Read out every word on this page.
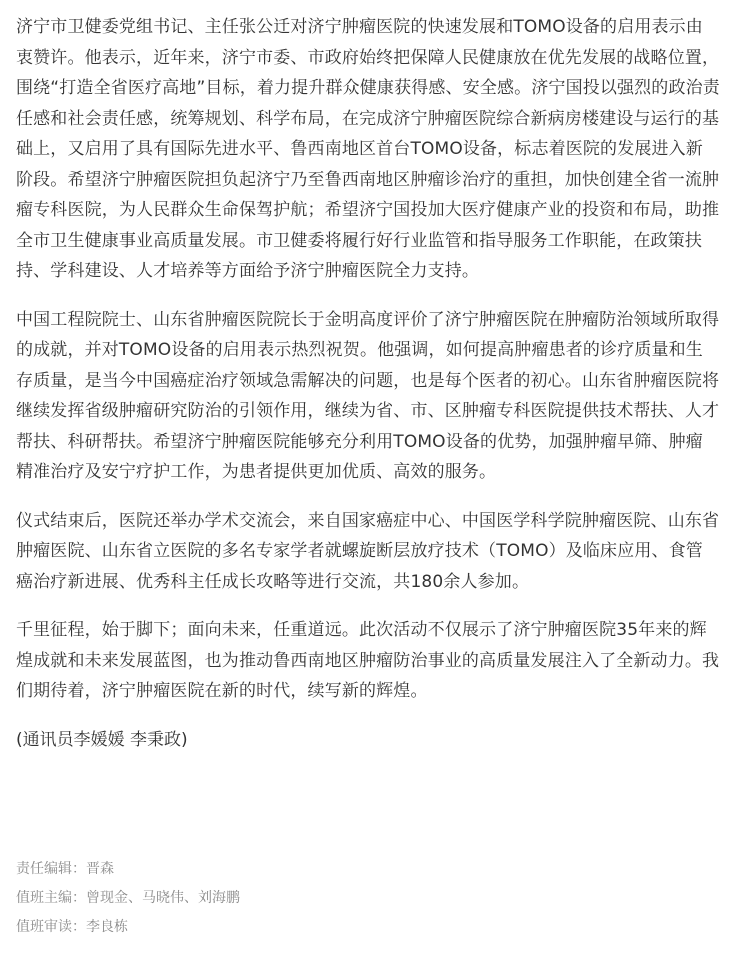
济宁市卫健委党组书记、主任张公迁对济宁肿瘤医院的快速发展和TOMO设备的启用表示由衷赞许。他表示，近年来，济宁市委、市政府始终把保障人民健康放在优先发展的战略位置，围绕“打造全省医疗高地”目标，着力提升群众健康获得感、安全感。济宁国投以强烈的政治责任感和社会责任感，统筹规划、科学布局，在完成济宁肿瘤医院综合新病房楼建设与运行的基础上，又启用了具有国际先进水平、鲁西南地区首台TOMO设备，标志着医院的发展进入新阶段。希望济宁肿瘤医院担负起济宁乃至鲁西南地区肿瘤诊治疗的重担，加快创建全省一流肿瘤专科医院，为人民群众生命保驾护航；希望济宁国投加大医疗健康产业的投资和布局，助推全市卫生健康事业高质量发展。市卫健委将履行好行业监管和指导服务工作职能，在政策扶持、学科建设、人才培养等方面给予济宁肿瘤医院全力支持。

中国工程院院士、山东省肿瘤医院院长于金明高度评价了济宁肿瘤医院在肿瘤防治领域所取得的成就，并对TOMO设备的启用表示热烈祝贺。他强调，如何提高肿瘤患者的诊疗质量和生存质量，是当今中国癌症治疗领域急需解决的问题，也是每个医者的初心。山东省肿瘤医院将继续发挥省级肿瘤研究防治的引领作用，继续为省、市、区肿瘤专科医院提供技术帮扶、人才帮扶、科研帮扶。希望济宁肿瘤医院能够充分利用TOMO设备的优势，加强肿瘤早筛、肿瘤精准治疗及安宁疗护工作，为患者提供更加优质、高效的服务。

仪式结束后，医院还举办学术交流会，来自国家癌症中心、中国医学科学院肿瘤医院、山东省肿瘤医院、山东省立医院的多名专家学者就螺旋断层放疗技术（TOMO）及临床应用、食管癌治疗新进展、优秀科主任成长攻略等进行交流，共180余人参加。

千里征程，始于脚下；面向未来，任重道远。此次活动不仅展示了济宁肿瘤医院35年来的辉煌成就和未来发展蓝图，也为推动鲁西南地区肿瘤防治事业的高质量发展注入了全新动力。我们期待着，济宁肿瘤医院在新的时代，续写新的辉煌。

(通讯员李媛媛 李秉政)

责任编辑：晋森

值班主编：曾现金、马晓伟、刘海鹏

值班审读：李良栋
